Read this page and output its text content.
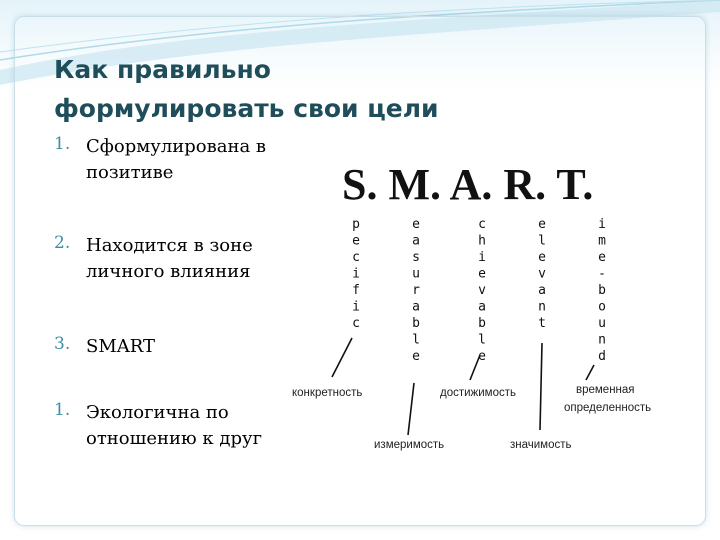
Как правильно
формулировать свои цели
1. Сформулирована в
позитиве
2. Находится в зоне
личного влияния
3. SMART
1. Экологична по
отношению к друг
S. M. A. R. T.
p
e
c
i
f
i
c
e
a
s
u
r
a
b
l
e
c
h
i
e
v
a
b
l
e
e
l
e
v
a
n
t
i
m
e
-
b
o
u
n
d
конкретность	достижимость	временная
определенность
измеримость	значимость
